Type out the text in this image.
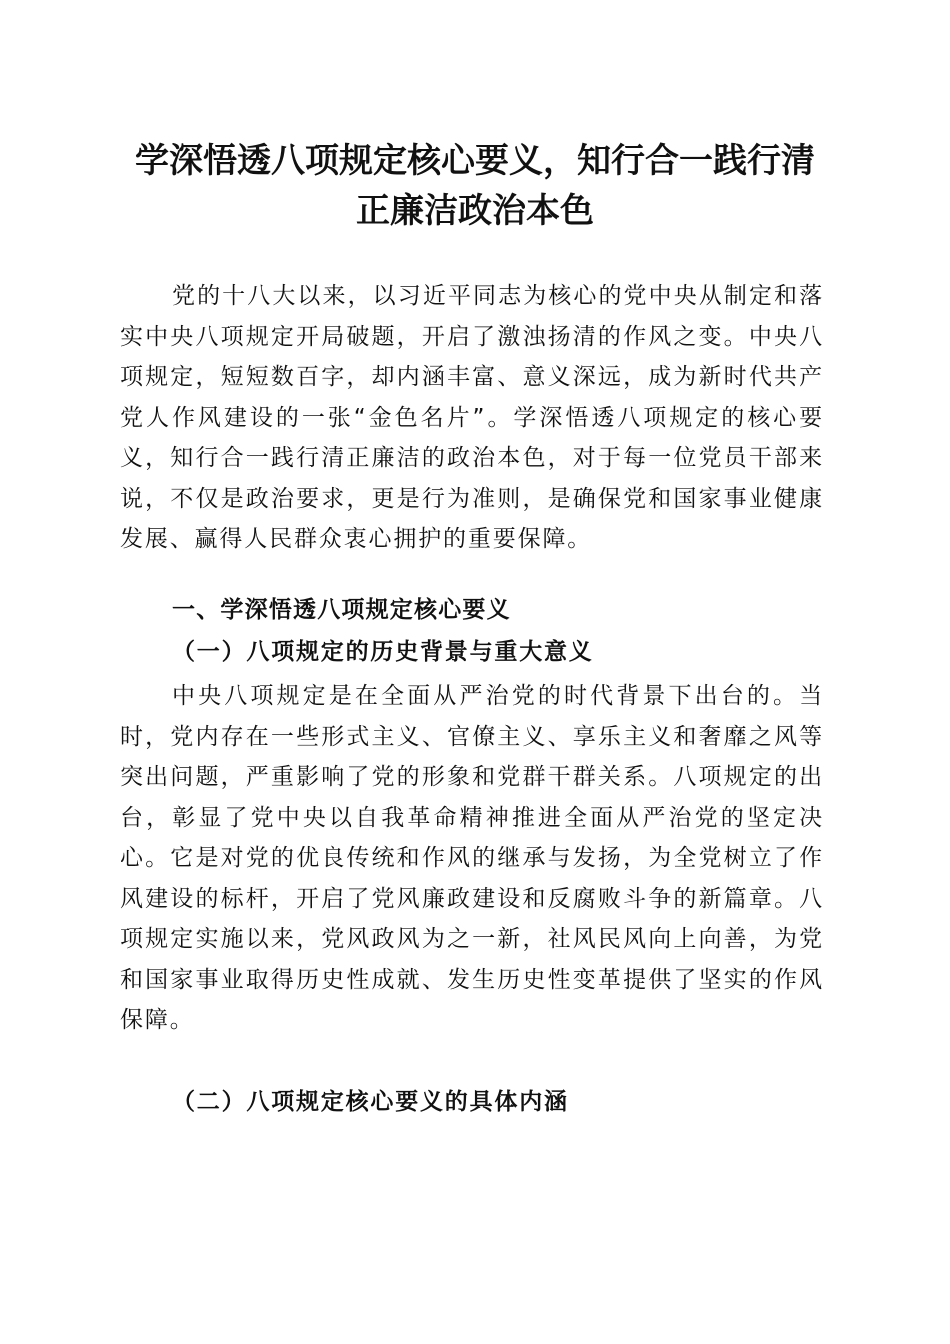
学深悟透八项规定核心要义，知行合一践行清
正廉洁政治本色

党的十八大以来，以习近平同志为核心的党中央从制定和落实中央八项规定开局破题，开启了激浊扬清的作风之变。中央八项规定，短短数百字，却内涵丰富、意义深远，成为新时代共产党人作风建设的一张“金色名片”。学深悟透八项规定的核心要义，知行合一践行清正廉洁的政治本色，对于每一位党员干部来说，不仅是政治要求，更是行为准则，是确保党和国家事业健康发展、赢得人民群众衷心拥护的重要保障。

一、学深悟透八项规定核心要义
（一）八项规定的历史背景与重大意义

中央八项规定是在全面从严治党的时代背景下出台的。当时，党内存在一些形式主义、官僚主义、享乐主义和奢靡之风等突出问题，严重影响了党的形象和党群干群关系。八项规定的出台，彰显了党中央以自我革命精神推进全面从严治党的坚定决心。它是对党的优良传统和作风的继承与发扬，为全党树立了作风建设的标杆，开启了党风廉政建设和反腐败斗争的新篇章。八项规定实施以来，党风政风为之一新，社风民风向上向善，为党和国家事业取得历史性成就、发生历史性变革提供了坚实的作风保障。

（二）八项规定核心要义的具体内涵
